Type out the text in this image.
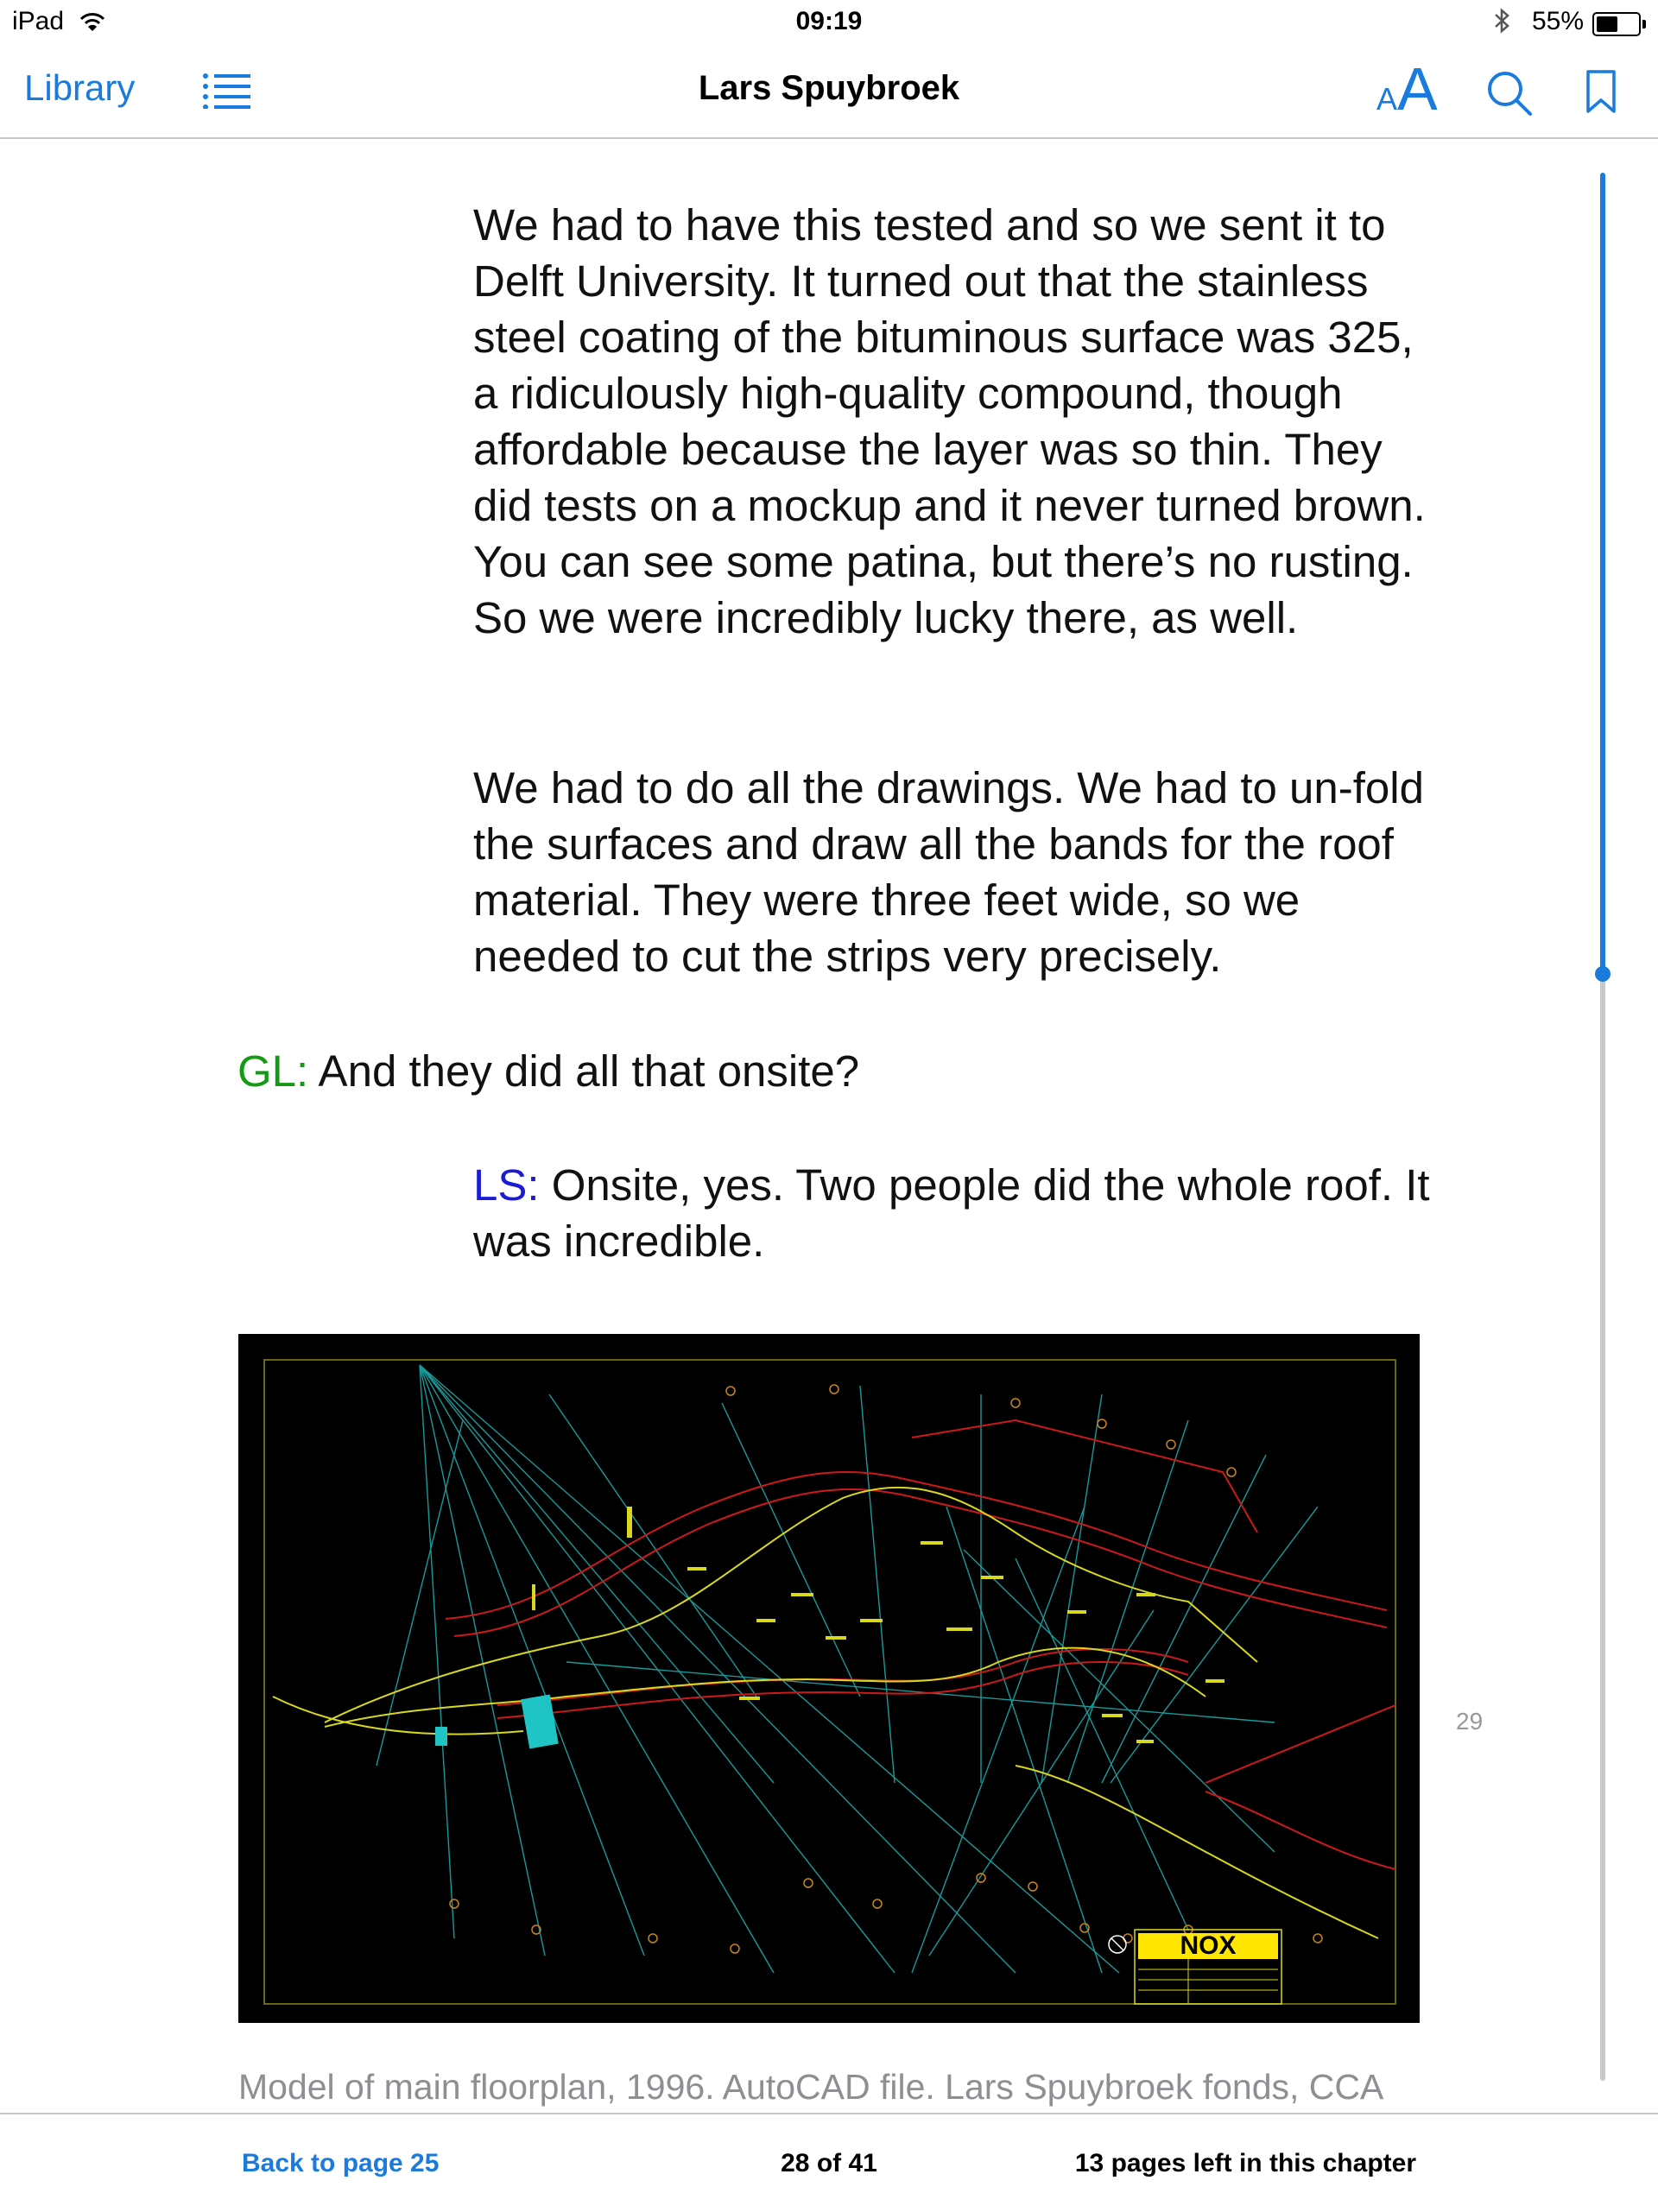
iPad	09:19	55%
Library	Lars Spuybroek	AA

We had to have this tested and so we sent it to Delft University. It turned out that the stainless steel coating of the bituminous surface was 325, a ridiculously high-quality compound, though affordable because the layer was so thin. They did tests on a mockup and it never turned brown. You can see some patina, but there’s no rusting. So we were incredibly lucky there, as well.

We had to do all the drawings. We had to un-fold the surfaces and draw all the bands for the roof material. They were three feet wide, so we needed to cut the strips very precisely.

GL: And they did all that onsite?

LS: Onsite, yes. Two people did the whole roof. It was incredible.

NOX
29
Model of main floorplan, 1996. AutoCAD file. Lars Spuybroek fonds, CCA
Back to page 25	28 of 41	13 pages left in this chapter
